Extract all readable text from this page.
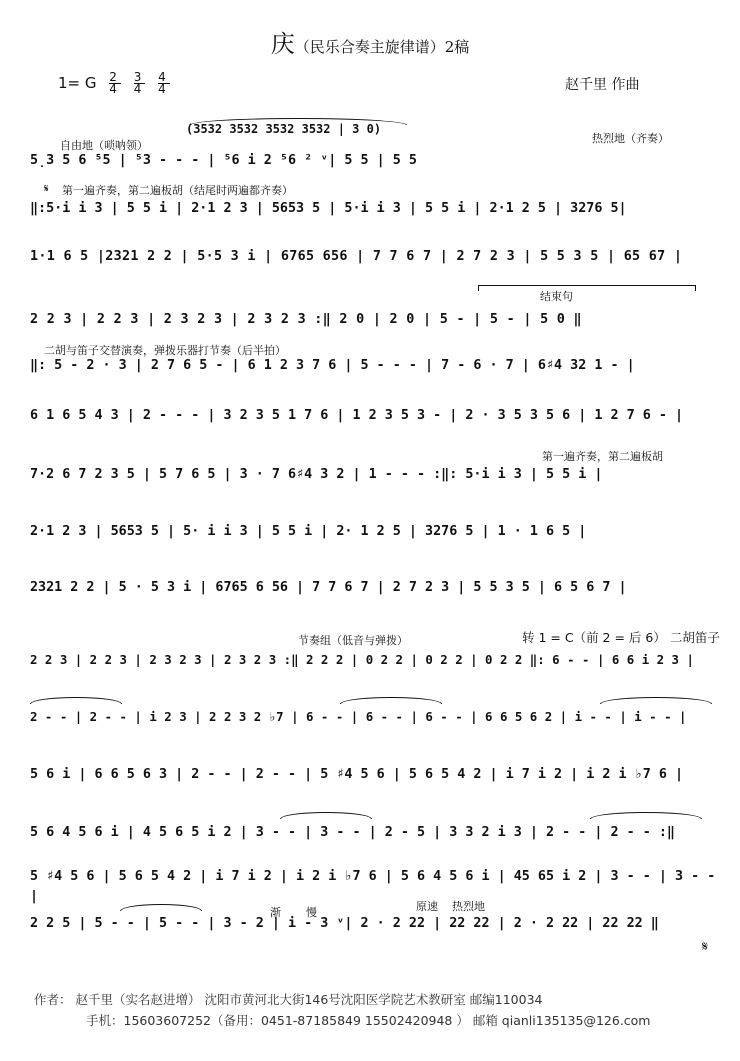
庆（民乐合奏主旋律谱）2稿
1= G $\frac{2}{4} \frac{3}{4} \frac{4}{4}$	赵千里 作曲
自由地（唢呐领）
热烈地（齐奏）
(3532 3532 3532 3532 | 3 0)
𝄋 第一遍齐奏，第二遍板胡（结尾时两遍都齐奏）
结束句
二胡与笛子交替演奏，弹拨乐器打节奏（后半拍）
第一遍齐奏，第二遍板胡
节奏组（低音与弹拨）	转 1 = C（前 2 = 后 6） 二胡笛子
渐 慢	原速 热烈地
5̣3 5 6 ⁵5 | ⁵3 - - - | ⁵6 i 2 ⁵6 ² ᵛ| 5 5 | 5 5
‖:5·i i 3 | 5 5 i | 2·1 2 3 | 5653 5 | 5·i i 3 | 5 5 i | 2·1 2 5 | 3276 5|
1·1 6 5 |2321 2 2 | 5·5 3 i | 6765 656 | 7 7 6 7 | 2 7 2 3 | 5 5 3 5 | 65 67 |
2 2 3 | 2 2 3 | 2 3 2 3 | 2 3 2 3 :‖ 2 0 | 2 0 | 5 - | 5 - | 5 0 ‖
‖: 5 - 2 · 3 | 2 7 6 5 - | 6 1 2 3 7 6 | 5 - - - | 7 - 6 · 7 | 6♯4 32 1 - |
6 1 6 5 4 3 | 2 - - - | 3 2 3 5 1 7 6 | 1 2 3 5 3 - | 2 · 3 5 3 5 6 | 1 2 7 6 - |
7·2 6 7 2 3 5 | 5 7 6 5 | 3 · 7 6♯4 3 2 | 1 - - - :‖: 5·i i 3 | 5 5 i |
2·1 2 3 | 5653 5 | 5· i i 3 | 5 5 i | 2· 1 2 5 | 3276 5 | 1 · 1 6 5 |
2321 2 2 | 5 · 5 3 i | 6765 6 56 | 7 7 6 7 | 2 7 2 3 | 5 5 3 5 | 6 5 6 7 |
2 2 3 | 2 2 3 | 2 3 2 3 | 2 3 2 3 :‖ 2 2 2 | 0 2 2 | 0 2 2 | 0 2 2 ‖: 6 - - | 6 6 i 2 3 |
2 - - | 2 - - | i 2 3 | 2 2 3 2 ♭7 | 6 - - | 6 - - | 6 - - | 6 6 5 6 2 | i - - | i - - |
5 6 i | 6 6 5 6 3 | 2 - - | 2 - - | 5 ♯4 5 6 | 5 6 5 4 2 | i 7 i 2 | i 2 i ♭7 6 |
5 6 4 5 6 i | 4 5 6 5 i 2 | 3 - - | 3 - - | 2 - 5 | 3 3 2 i 3 | 2 - - | 2 - - :‖
5 ♯4 5 6 | 5 6 5 4 2 | i 7 i 2 | i 2 i ♭7 6 | 5 6 4 5 6 i | 45 65 i 2 | 3 - - | 3 - - |
2 2 5 | 5 - - | 5 - - | 3 - 2 | i - 3 ᵛ| 2 · 2 22 | 22 22 | 2 · 2 22 | 22 22 ‖
𝄋
作者： 赵千里（实名赵进增） 沈阳市黄河北大街146号沈阳医学院艺术教研室 邮编110034
手机：15603607252（备用：0451-87185849 15502420948 ） 邮箱 qianli135135@126.com
